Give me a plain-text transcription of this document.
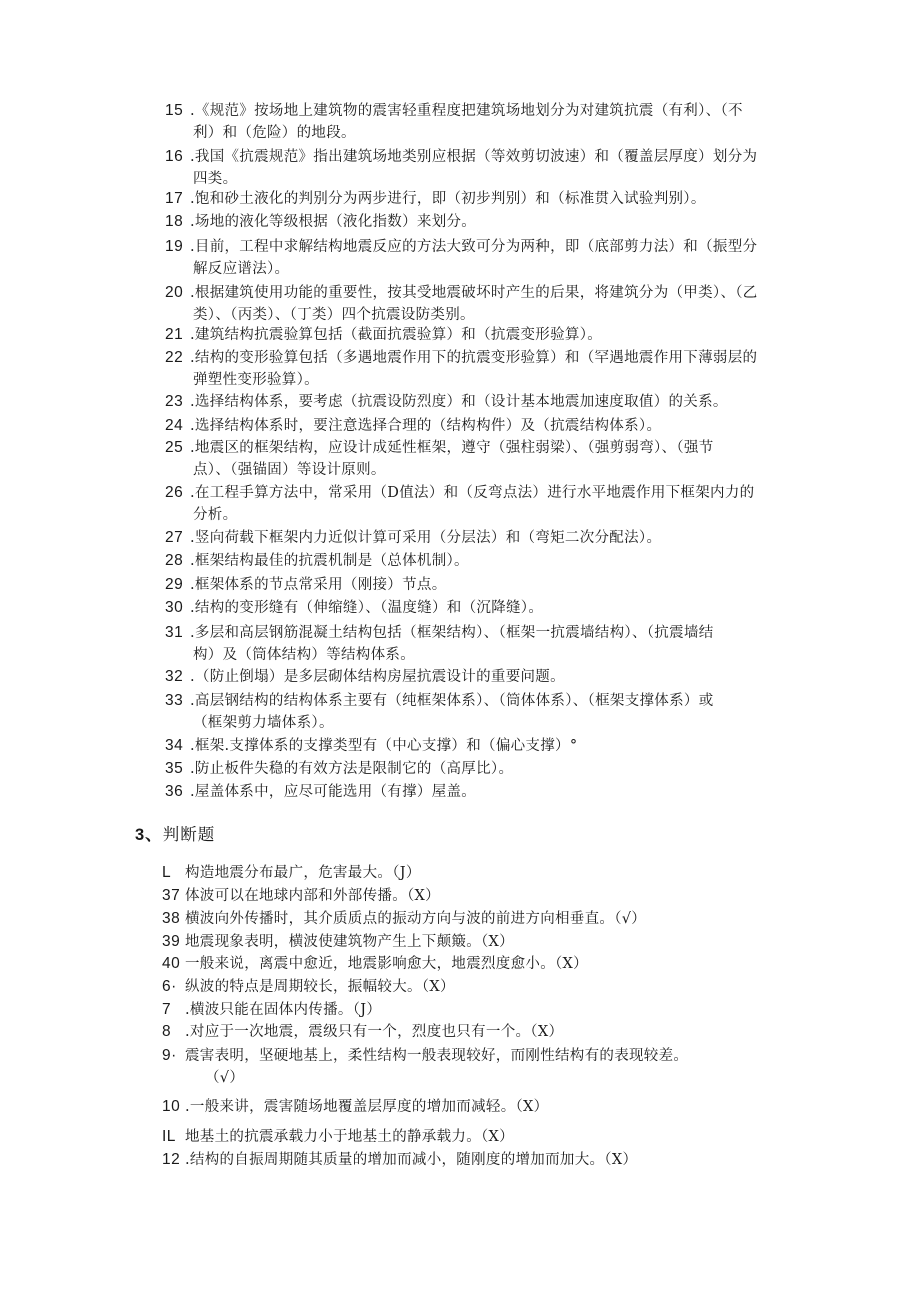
15 .《规范》按场地上建筑物的震害轻重程度把建筑场地划分为对建筑抗震（有利）、（不
利）和（危险）的地段。
16 .我国《抗震规范》指出建筑场地类别应根据（等效剪切波速）和（覆盖层厚度）划分为
四类。
17 .饱和砂土液化的判别分为两步进行，即（初步判别）和（标准贯入试验判别）。
18 .场地的液化等级根据（液化指数）来划分。
19 .目前，工程中求解结构地震反应的方法大致可分为两种，即（底部剪力法）和（振型分
解反应谱法）。
20 .根据建筑使用功能的重要性，按其受地震破坏时产生的后果，将建筑分为（甲类）、（乙
类）、（丙类）、（丁类）四个抗震设防类别。
21 .建筑结构抗震验算包括（截面抗震验算）和（抗震变形验算）。
22 .结构的变形验算包括（多遇地震作用下的抗震变形验算）和（罕遇地震作用下薄弱层的
弹塑性变形验算）。
23 .选择结构体系，要考虑（抗震设防烈度）和（设计基本地震加速度取值）的关系。
24 .选择结构体系时，要注意选择合理的（结构构件）及（抗震结构体系）。
25 .地震区的框架结构，应设计成延性框架，遵守（强柱弱梁）、（强剪弱弯）、（强节
点）、（强锚固）等设计原则。
26 .在工程手算方法中，常采用（D值法）和（反弯点法）进行水平地震作用下框架内力的
分析。
27 .竖向荷载下框架内力近似计算可采用（分层法）和（弯矩二次分配法）。
28 .框架结构最佳的抗震机制是（总体机制）。
29 .框架体系的节点常采用（刚接）节点。
30 .结构的变形缝有（伸缩缝）、（温度缝）和（沉降缝）。
31 .多层和高层钢筋混凝土结构包括（框架结构）、（框架一抗震墙结构）、（抗震墙结
构）及（筒体结构）等结构体系。
32 .（防止倒塌）是多层砌体结构房屋抗震设计的重要问题。
33 .高层钢结构的结构体系主要有（纯框架体系）、（筒体体系）、（框架支撑体系）或
（框架剪力墙体系）。
34 .框架.支撑体系的支撑类型有（中心支撑）和（偏心支撑）°
35 .防止板件失稳的有效方法是限制它的（高厚比）。
36 .屋盖体系中，应尽可能选用（有撑）屋盖。
3、判断题
L 构造地震分布最广，危害最大。（J）
37 体波可以在地球内部和外部传播。（X）
38 横波向外传播时，其介质质点的振动方向与波的前进方向相垂直。（√）
39 地震现象表明，横波使建筑物产生上下颠簸。（X）
40 一般来说，离震中愈近，地震影响愈大，地震烈度愈小。（X）
6· 纵波的特点是周期较长，振幅较大。（X）
7 .横波只能在固体内传播。（J）
8 .对应于一次地震，震级只有一个，烈度也只有一个。（X）
9· 震害表明，坚硬地基上，柔性结构一般表现较好，而刚性结构有的表现较差。
（√）
10 .一般来讲，震害随场地覆盖层厚度的增加而减轻。（X）
IL 地基土的抗震承载力小于地基土的静承载力。（X）
12 .结构的自振周期随其质量的增加而减小，随刚度的增加而加大。（X）
